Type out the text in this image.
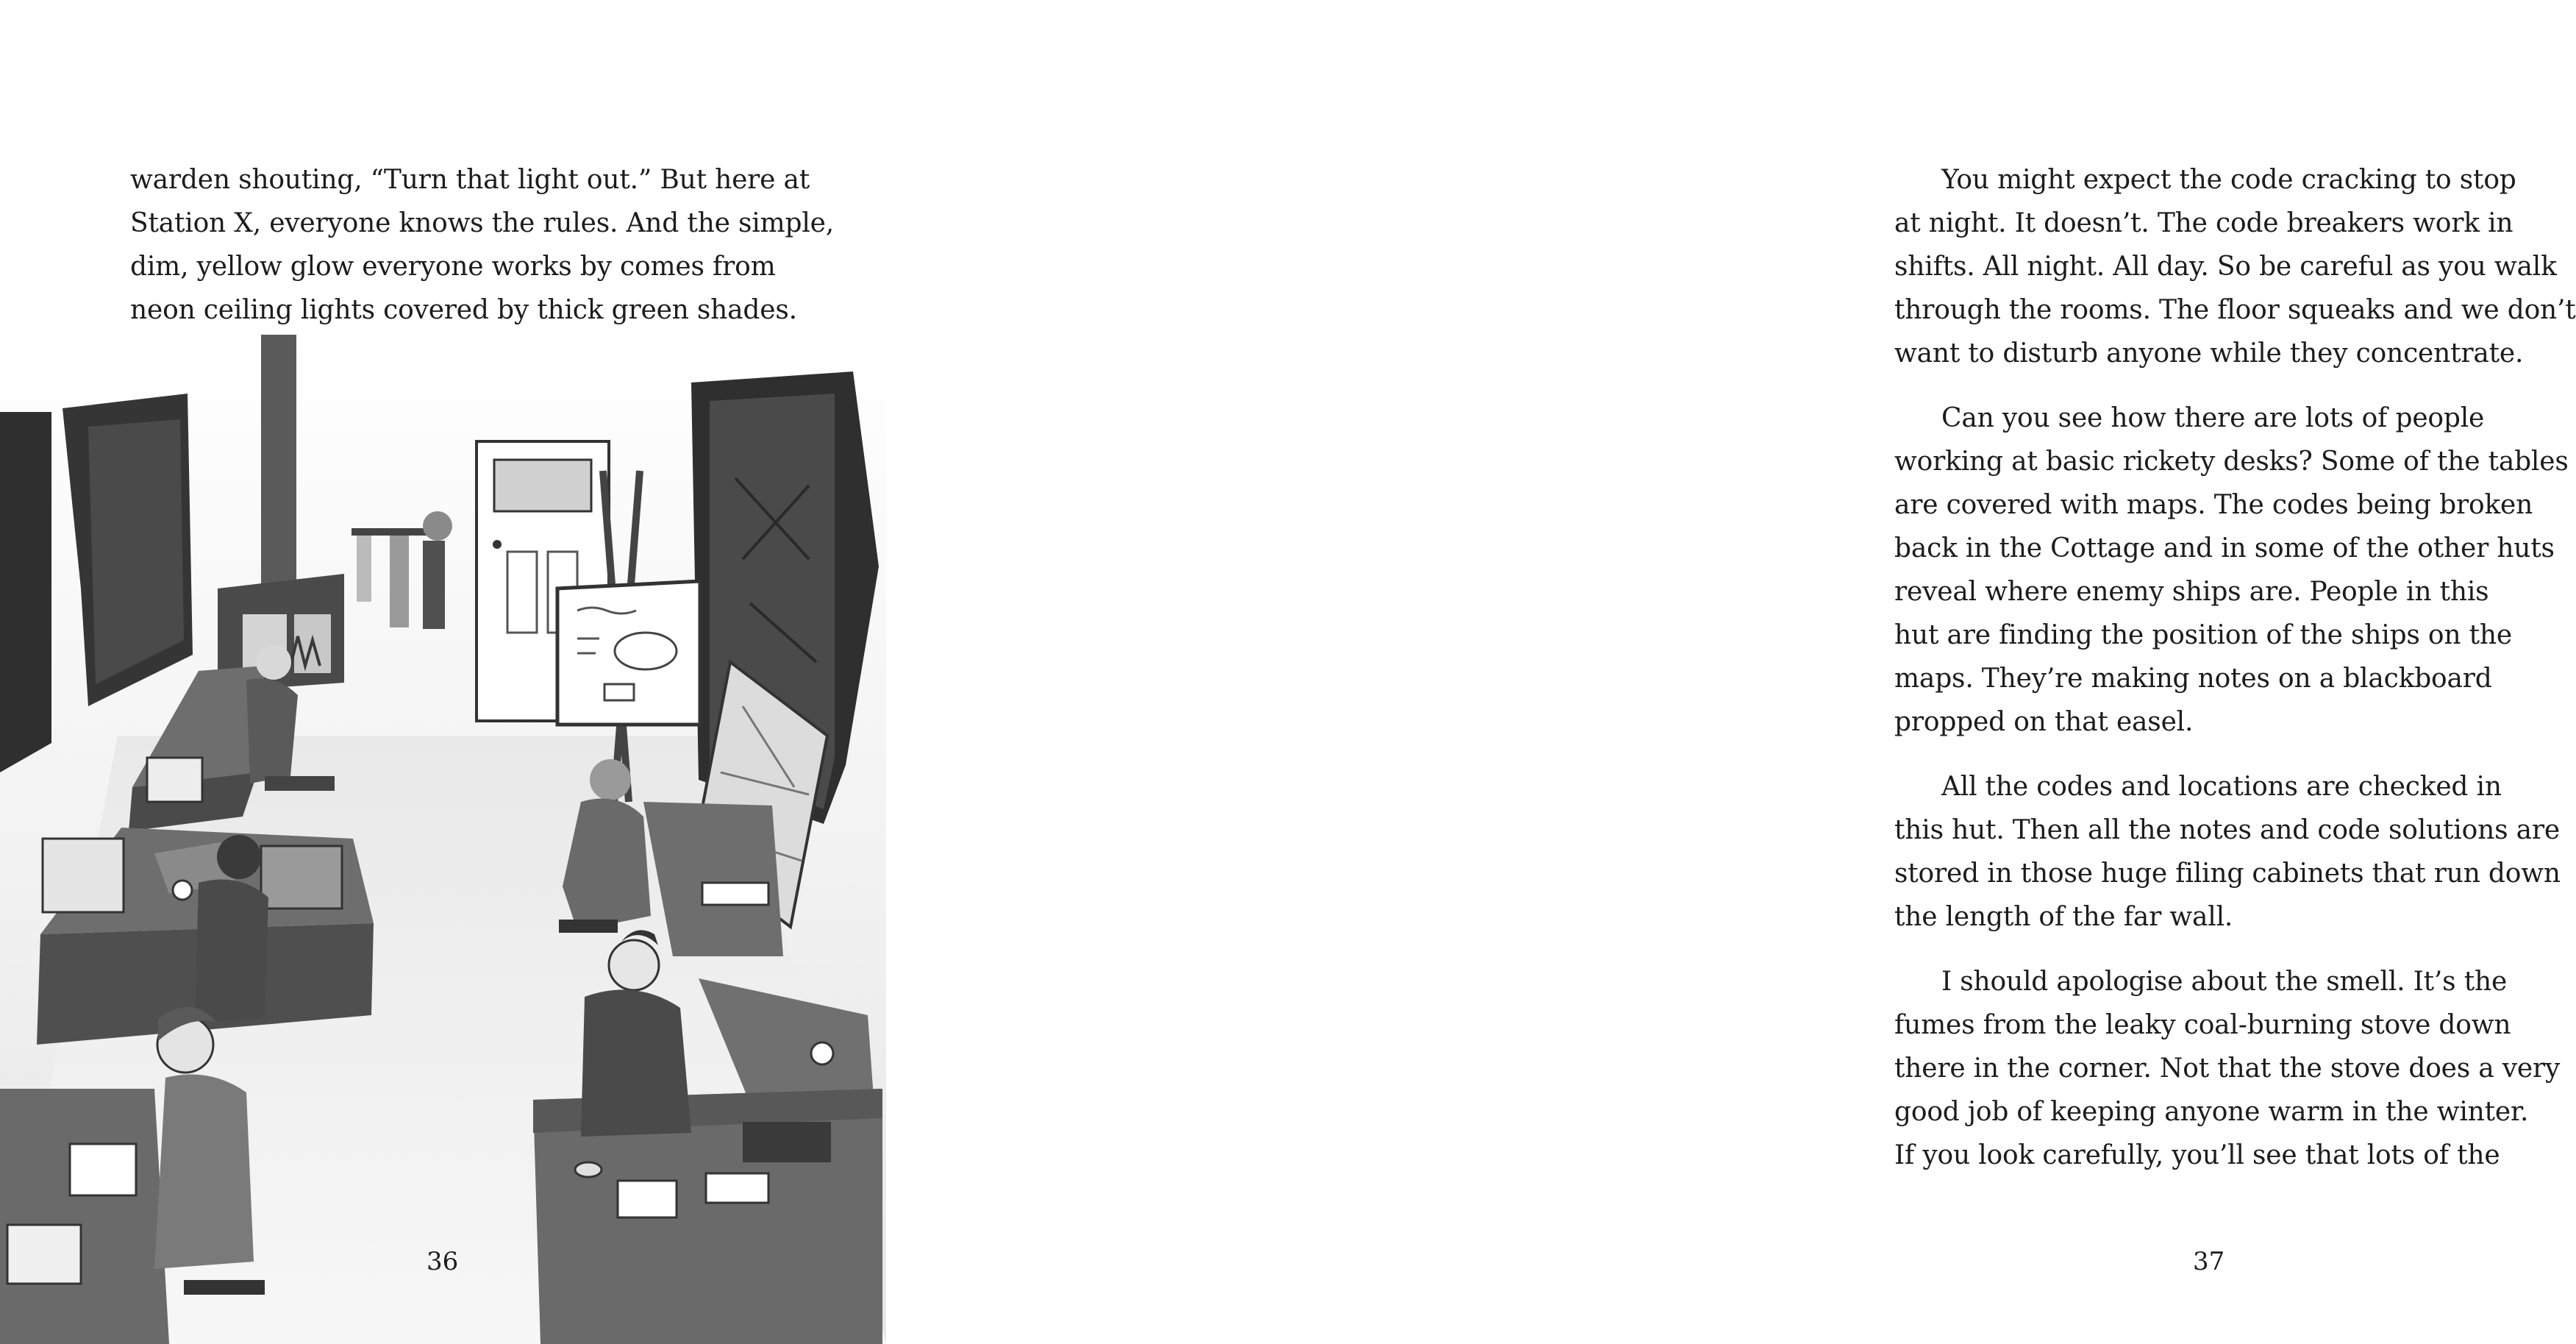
warden shouting, “Turn that light out.” But here at
Station X, everyone knows the rules. And the simple,
dim, yellow glow everyone works by comes from
neon ceiling lights covered by thick green shades.
36

You might expect the code cracking to stop
at night. It doesn’t. The code breakers work in
shifts. All night. All day. So be careful as you walk
through the rooms. The floor squeaks and we don’t
want to disturb anyone while they concentrate.

Can you see how there are lots of people
working at basic rickety desks? Some of the tables
are covered with maps. The codes being broken
back in the Cottage and in some of the other huts
reveal where enemy ships are. People in this
hut are finding the position of the ships on the
maps. They’re making notes on a blackboard
propped on that easel.

All the codes and locations are checked in
this hut. Then all the notes and code solutions are
stored in those huge filing cabinets that run down
the length of the far wall.

I should apologise about the smell. It’s the
fumes from the leaky coal-burning stove down
there in the corner. Not that the stove does a very
good job of keeping anyone warm in the winter.
If you look carefully, you’ll see that lots of the

37
